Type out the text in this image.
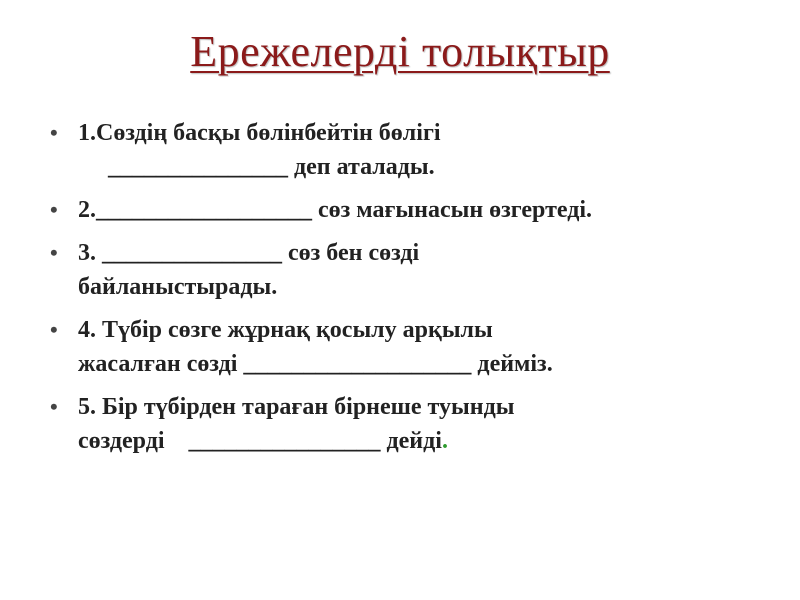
Ережелерді толықтыр
• 1.Сөздің басқы бөлінбейтін бөлігі
_______________ деп аталады.
• 2.__________________ сөз мағынасын өзгертеді.
• 3. _______________ сөз бен сөзді
байланыстырады.
• 4. Түбір сөзге жұрнақ қосылу арқылы
жасалған сөзді ___________________ дейміз.
• 5. Бір түбірден тараған бірнеше туынды
сөздерді    ________________ дейді.
